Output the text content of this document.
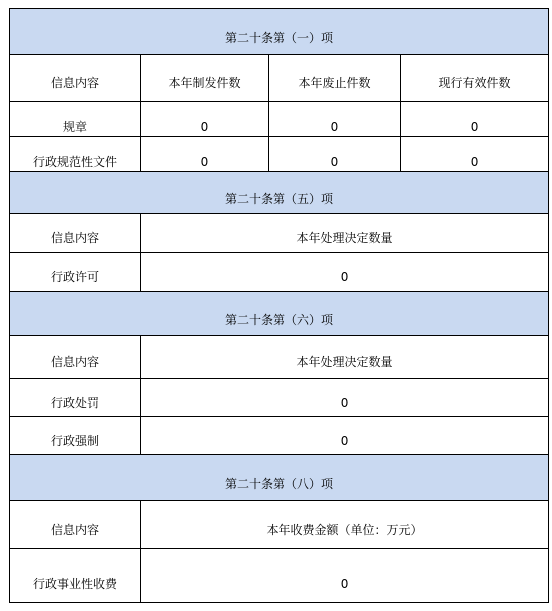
第二十条第（一）项			
信息内容	本年制发件数	本年废止件数	现行有效件数
规章	0	0	0
行政规范性文件	0	0	0
第二十条第（五）项			
信息内容	本年处理决定数量		
行政许可	0		
第二十条第（六）项			
信息内容	本年处理决定数量		
行政处罚	0		
行政强制	0		
第二十条第（八）项			
信息内容	本年收费金额（单位：万元）		
行政事业性收费	0		
